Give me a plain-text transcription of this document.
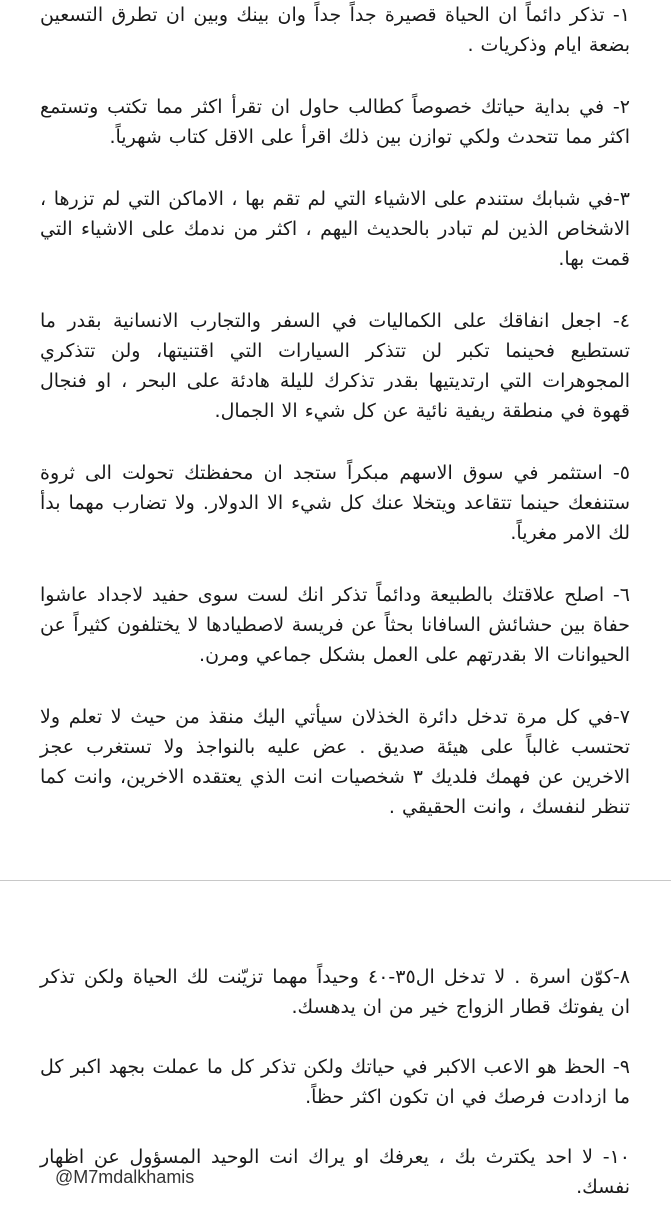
١- تذكر دائماً ان الحياة قصيرة جداً جداً وان بينك وبين ان تطرق التسعين بضعة ايام وذكريات .

٢- في بداية حياتك خصوصاً كطالب حاول ان تقرأ اكثر مما تكتب وتستمع اكثر مما تتحدث ولكي توازن بين ذلك اقرأ على الاقل كتاب شهرياً.

٣-في شبابك ستندم على الاشياء التي لم تقم بها ، الاماكن التي لم تزرها ، الاشخاص الذين لم تبادر بالحديث اليهم ، اكثر من ندمك على الاشياء التي قمت بها.

٤- اجعل انفاقك على الكماليات في السفر والتجارب الانسانية بقدر ما تستطيع فحينما تكبر لن تتذكر السيارات التي اقتنيتها، ولن تتذكري المجوهرات التي ارتديتيها بقدر تذكرك لليلة هادئة على البحر ، او فنجال قهوة في منطقة ريفية نائية عن كل شيء الا الجمال.

٥- استثمر في سوق الاسهم مبكراً ستجد ان محفظتك تحولت الى ثروة ستنفعك حينما تتقاعد ويتخلا عنك كل شيء الا الدولار. ولا تضارب مهما بدأ لك الامر مغرياً.

٦- اصلح علاقتك بالطبيعة ودائماً تذكر انك لست سوى حفيد لاجداد عاشوا حفاة بين حشائش السافانا بحثاً عن فريسة لاصطيادها لا يختلفون كثيراً عن الحيوانات الا بقدرتهم على العمل بشكل جماعي ومرن.

٧-في كل مرة تدخل دائرة الخذلان سيأتي اليك منقذ من حيث لا تعلم ولا تحتسب غالباً على هيئة صديق . عض عليه بالنواجذ ولا تستغرب عجز الاخرين عن فهمك فلديك ٣ شخصيات انت الذي يعتقده الاخرين، وانت كما تنظر لنفسك ، وانت الحقيقي .

٨-كوّن اسرة . لا تدخل ال٣٥-٤٠ وحيداً مهما تزيّنت لك الحياة ولكن تذكر ان يفوتك قطار الزواج خير من ان يدهسك.

٩- الحظ هو الاعب الاكبر في حياتك ولكن تذكر كل ما عملت بجهد اكبر كل ما ازدادت فرصك في ان تكون اكثر حظاً.

١٠- لا احد يكترث بك ، يعرفك او يراك انت الوحيد المسؤول عن اظهار نفسك.

@M7mdalkhamis
